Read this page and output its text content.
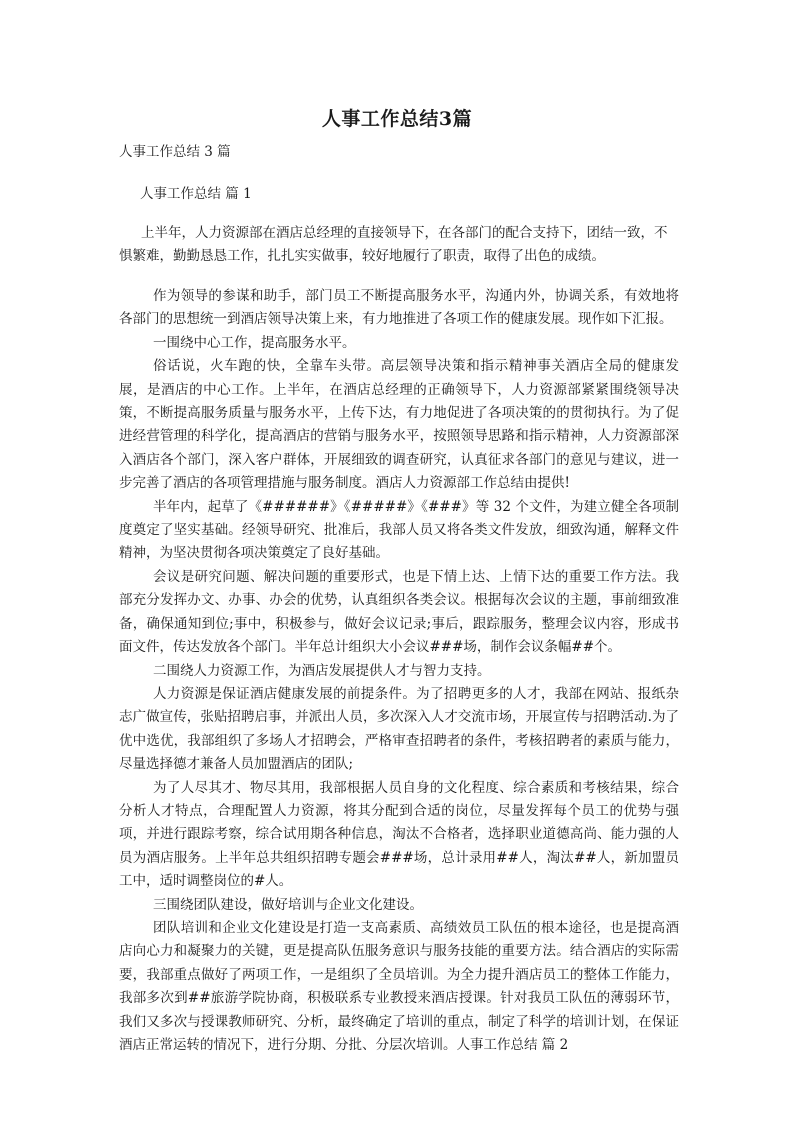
人事工作总结3篇
人事工作总结 3 篇
人事工作总结 篇 1

上半年，人力资源部在酒店总经理的直接领导下，在各部门的配合支持下，团结一致，不惧繁难，勤勤恳恳工作，扎扎实实做事，较好地履行了职责，取得了出色的成绩。

作为领导的参谋和助手，部门员工不断提高服务水平，沟通内外，协调关系，有效地将各部门的思想统一到酒店领导决策上来，有力地推进了各项工作的健康发展。现作如下汇报。

一围绕中心工作，提高服务水平。

俗话说，火车跑的快，全靠车头带。高层领导决策和指示精神事关酒店全局的健康发展，是酒店的中心工作。上半年，在酒店总经理的正确领导下，人力资源部紧紧围绕领导决策，不断提高服务质量与服务水平，上传下达，有力地促进了各项决策的的贯彻执行。为了促进经营管理的科学化，提高酒店的营销与服务水平，按照领导思路和指示精神，人力资源部深入酒店各个部门，深入客户群体，开展细致的调查研究，认真征求各部门的意见与建议，进一步完善了酒店的各项管理措施与服务制度。酒店人力资源部工作总结由提供!

半年内，起草了《######》《#####》《###》等 32 个文件，为建立健全各项制度奠定了坚实基础。经领导研究、批准后，我部人员又将各类文件发放，细致沟通，解释文件精神，为坚决贯彻各项决策奠定了良好基础。

会议是研究问题、解决问题的重要形式，也是下情上达、上情下达的重要工作方法。我部充分发挥办文、办事、办会的优势，认真组织各类会议。根据每次会议的主题，事前细致准备，确保通知到位;事中，积极参与，做好会议记录;事后，跟踪服务，整理会议内容，形成书面文件，传达发放各个部门。半年总计组织大小会议###场，制作会议条幅##个。

二围绕人力资源工作，为酒店发展提供人才与智力支持。

人力资源是保证酒店健康发展的前提条件。为了招聘更多的人才，我部在网站、报纸杂志广做宣传，张贴招聘启事，并派出人员，多次深入人才交流市场，开展宣传与招聘活动.为了优中选优，我部组织了多场人才招聘会，严格审查招聘者的条件，考核招聘者的素质与能力，尽量选择德才兼备人员加盟酒店的团队;

为了人尽其才、物尽其用，我部根据人员自身的文化程度、综合素质和考核结果，综合分析人才特点，合理配置人力资源，将其分配到合适的岗位，尽量发挥每个员工的优势与强项，并进行跟踪考察，综合试用期各种信息，淘汰不合格者，选择职业道德高尚、能力强的人员为酒店服务。上半年总共组织招聘专题会###场，总计录用##人，淘汰##人，新加盟员工中，适时调整岗位的#人。

三围绕团队建设，做好培训与企业文化建设。

团队培训和企业文化建设是打造一支高素质、高绩效员工队伍的根本途径，也是提高酒店向心力和凝聚力的关键，更是提高队伍服务意识与服务技能的重要方法。结合酒店的实际需要，我部重点做好了两项工作，一是组织了全员培训。为全力提升酒店员工的整体工作能力，我部多次到##旅游学院协商，积极联系专业教授来酒店授课。针对我员工队伍的薄弱环节，我们又多次与授课教师研究、分析，最终确定了培训的重点，制定了科学的培训计划，在保证酒店正常运转的情况下，进行分期、分批、分层次培训。人事工作总结 篇 2
